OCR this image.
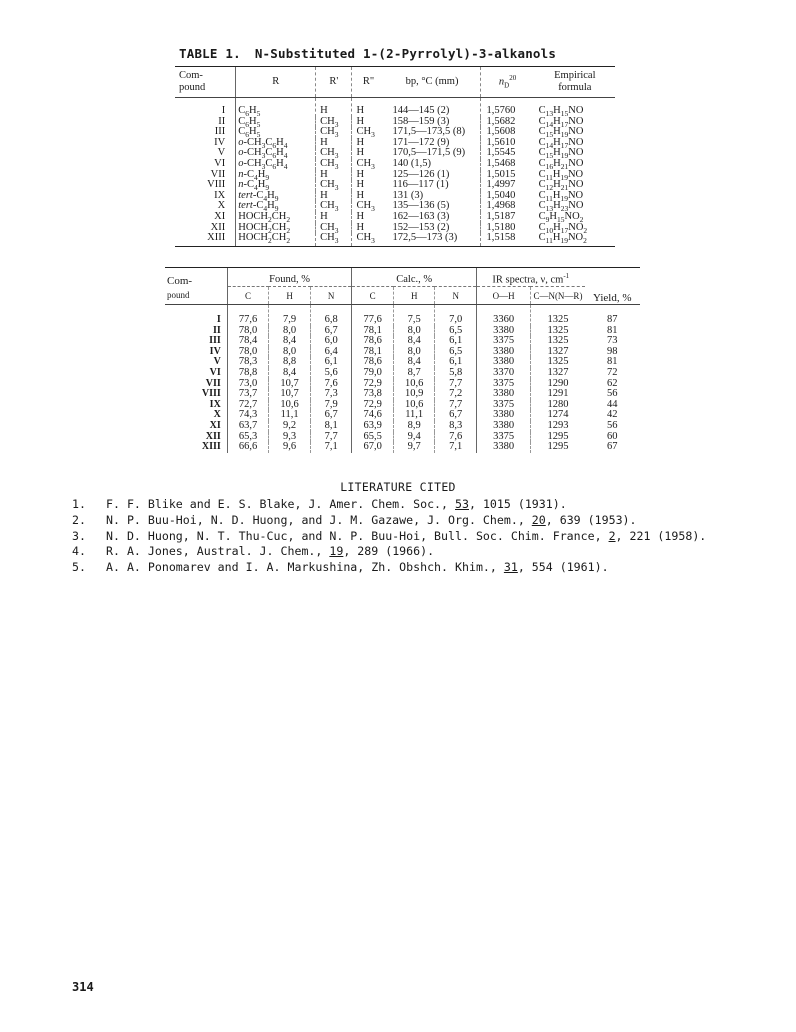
TABLE 1. N-Substituted 1-(2-Pyrrolyl)-3-alkanols

Com-
pound	R	R'	R"	bp, °C (mm)	$n_D^{20}$	Empirical
formula
I	$C_6H_5$	H	H	144—145 (2)	1,5760	$C_{13}H_{15}NO$
II	$C_6H_5$	$CH_3$	H	158—159 (3)	1,5682	$C_{14}H_{17}NO$
III	$C_6H_5$	$CH_3$	$CH_3$	171,5—173,5 (8)	1,5608	$C_{15}H_{19}NO$
IV	$o-CH_3C_6H_4$	H	H	171—172 (9)	1,5610	$C_{14}H_{17}NO$
V	$o-CH_3C_6H_4$	$CH_3$	H	170,5—171,5 (9)	1,5545	$C_{15}H_{19}NO$
VI	$o-CH_3C_6H_4$	$CH_3$	$CH_3$	140 (1,5)	1,5468	$C_{16}H_{21}NO$
VII	$n-C_4H_9$	H	H	125—126 (1)	1,5015	$C_{11}H_{19}NO$
VIII	$n-C_4H_9$	$CH_3$	H	116—117 (1)	1,4997	$C_{12}H_{21}NO$
IX	tert-$C_4H_9$	H	H	131 (3)	1,5040	$C_{11}H_{19}NO$
X	tert-$C_4H_9$	$CH_3$	$CH_3$	135—136 (5)	1,4968	$C_{13}H_{23}NO$
XI	$HOCH_2CH_2$	H	H	162—163 (3)	1,5187	$C_9H_{15}NO_2$
XII	$HOCH_2CH_2$	$CH_3$	H	152—153 (2)	1,5180	$C_{10}H_{17}NO_2$
XIII	$HOCH_2CH_2$	$CH_3$	$CH_3$	172,5—173 (3)	1,5158	$C_{11}H_{19}NO_2$

Com-	Found, %			Calc., %			IR spectra, ν, $cm^{-1}$		Yield, %
pound	C	H	N	C	H	N	O—H	C—N(N—R)	
I	77,6	7,9	6,8	77,6	7,5	7,0	3360	1325	87
II	78,0	8,0	6,7	78,1	8,0	6,5	3380	1325	81
III	78,4	8,4	6,0	78,6	8,4	6,1	3375	1325	73
IV	78,0	8,0	6,4	78,1	8,0	6,5	3380	1327	98
V	78,3	8,8	6,1	78,6	8,4	6,1	3380	1325	81
VI	78,8	8,4	5,6	79,0	8,7	5,8	3370	1327	72
VII	73,0	10,7	7,6	72,9	10,6	7,7	3375	1290	62
VIII	73,7	10,7	7,3	73,8	10,9	7,2	3380	1291	56
IX	72,7	10,6	7,9	72,9	10,6	7,7	3375	1280	44
X	74,3	11,1	6,7	74,6	11,1	6,7	3380	1274	42
XI	63,7	9,2	8,1	63,9	8,9	8,3	3380	1293	56
XII	65,3	9,3	7,7	65,5	9,4	7,6	3375	1295	60
XIII	66,6	9,6	7,1	67,0	9,7	7,1	3380	1295	67
LITERATURE CITED
1. F. F. Blike and E. S. Blake, J. Amer. Chem. Soc., 53, 1015 (1931).
2. N. P. Buu-Hoi, N. D. Huong, and J. M. Gazawe, J. Org. Chem., 20, 639 (1953).
3. N. D. Huong, N. T. Thu-Cuc, and N. P. Buu-Hoi, Bull. Soc. Chim. France, 2, 221 (1958).
4. R. A. Jones, Austral. J. Chem., 19, 289 (1966).
5. A. A. Ponomarev and I. A. Markushina, Zh. Obshch. Khim., 31, 554 (1961).
314
